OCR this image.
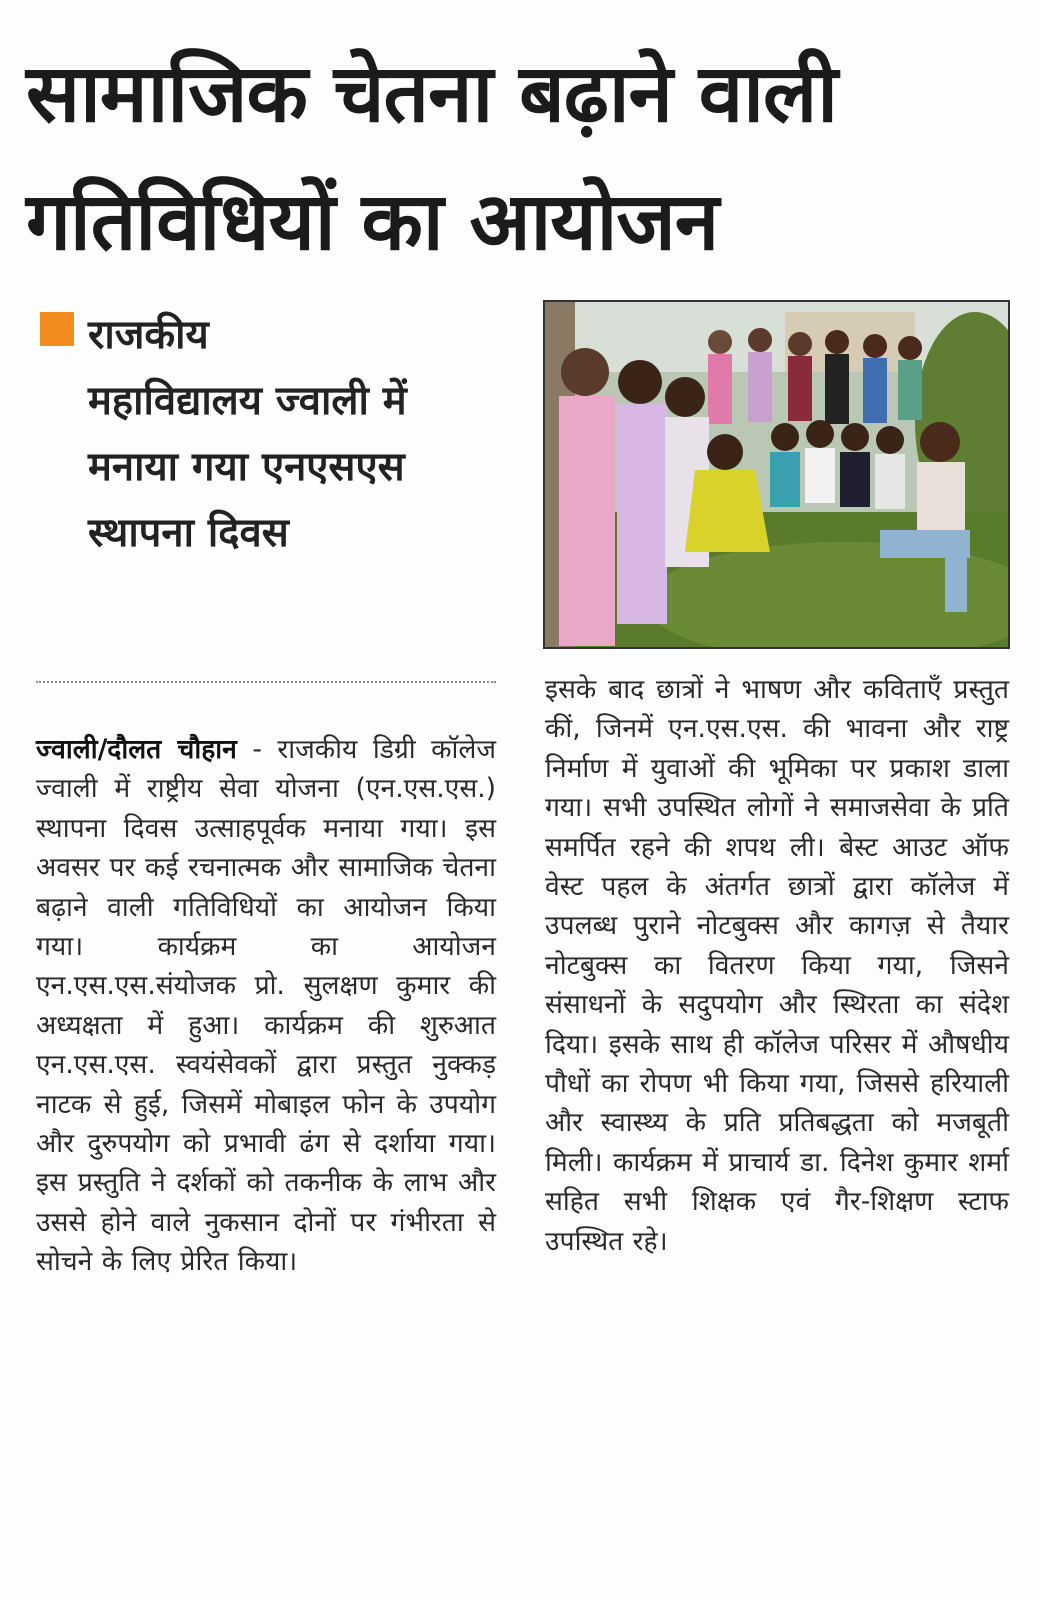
सामाजिक चेतना बढ़ाने वाली
गतिविधियों का आयोजन
राजकीय
महाविद्यालय ज्वाली में
मनाया गया एनएसएस
स्थापना दिवस
ज्वाली/दौलत चौहान - राजकीय डिग्री कॉलेज ज्वाली में राष्ट्रीय सेवा योजना (एन.एस.एस.) स्थापना दिवस उत्साहपूर्वक मनाया गया। इस अवसर पर कई रचनात्मक और सामाजिक चेतना बढ़ाने वाली गतिविधियों का आयोजन किया गया। कार्यक्रम का आयोजन एन.एस.एस.संयोजक प्रो. सुलक्षण कुमार की अध्यक्षता में हुआ। कार्यक्रम की शुरुआत एन.एस.एस. स्वयंसेवकों द्वारा प्रस्तुत नुक्कड़ नाटक से हुई, जिसमें मोबाइल फोन के उपयोग और दुरुपयोग को प्रभावी ढंग से दर्शाया गया। इस प्रस्तुति ने दर्शकों को तकनीक के लाभ और उससे होने वाले नुकसान दोनों पर गंभीरता से सोचने के लिए प्रेरित किया।
इसके बाद छात्रों ने भाषण और कविताएँ प्रस्तुत कीं, जिनमें एन.एस.एस. की भावना और राष्ट्र निर्माण में युवाओं की भूमिका पर प्रकाश डाला गया। सभी उपस्थित लोगों ने समाजसेवा के प्रति समर्पित रहने की शपथ ली। बेस्ट आउट ऑफ वेस्ट पहल के अंतर्गत छात्रों द्वारा कॉलेज में उपलब्ध पुराने नोटबुक्स और कागज़ से तैयार नोटबुक्स का वितरण किया गया, जिसने संसाधनों के सदुपयोग और स्थिरता का संदेश दिया। इसके साथ ही कॉलेज परिसर में औषधीय पौधों का रोपण भी किया गया, जिससे हरियाली और स्वास्थ्य के प्रति प्रतिबद्धता को मजबूती मिली। कार्यक्रम में प्राचार्य डा. दिनेश कुमार शर्मा सहित सभी शिक्षक एवं गैर-शिक्षण स्टाफ उपस्थित रहे।
